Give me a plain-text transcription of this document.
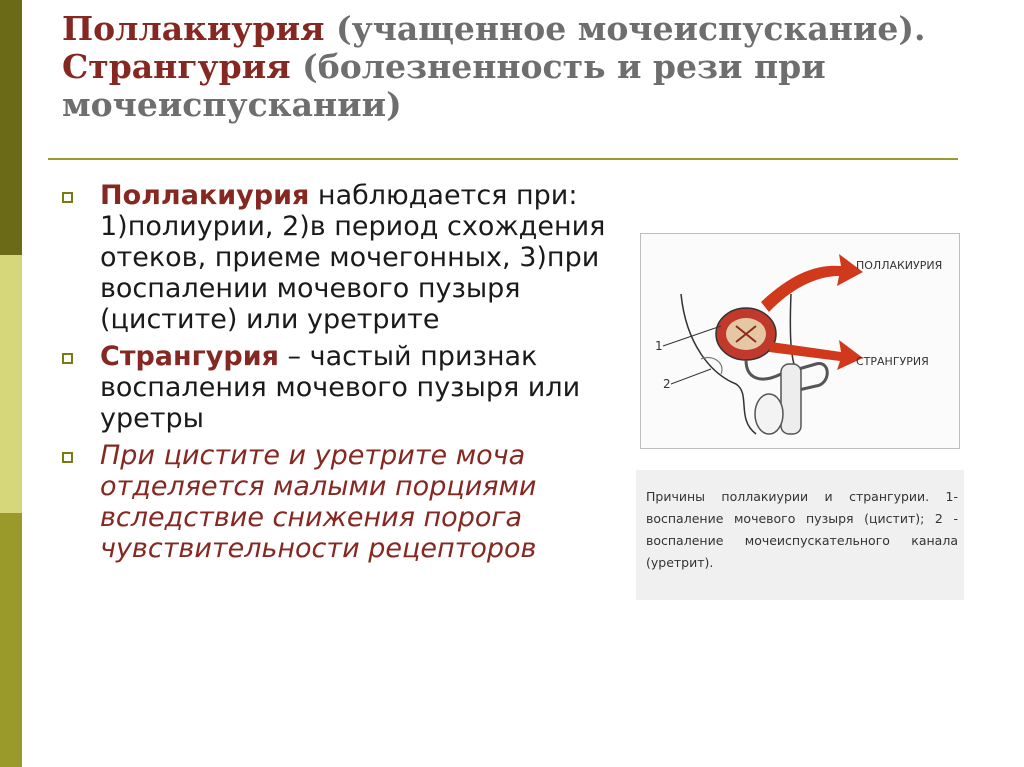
Поллакиурия (учащенное мочеиспускание).
Странгурия (болезненность и рези при мочеиспускании)
Поллакиурия наблюдается при: 1)полиурии, 2)в период схождения отеков, приеме мочегонных, 3)при воспалении мочевого пузыря (цистите) или уретрите
Странгурия – частый признак воспаления мочевого пузыря или уретры
При цистите и уретрите моча отделяется малыми порциями вследствие снижения порога чувствительности рецепторов
1
2
ПОЛЛАКИУРИЯ
СТРАНГУРИЯ
Причины поллакиурии и странгурии. 1- воспаление мочевого пузыря (цистит); 2 - воспаление мочеиспускательного канала (уретрит).
